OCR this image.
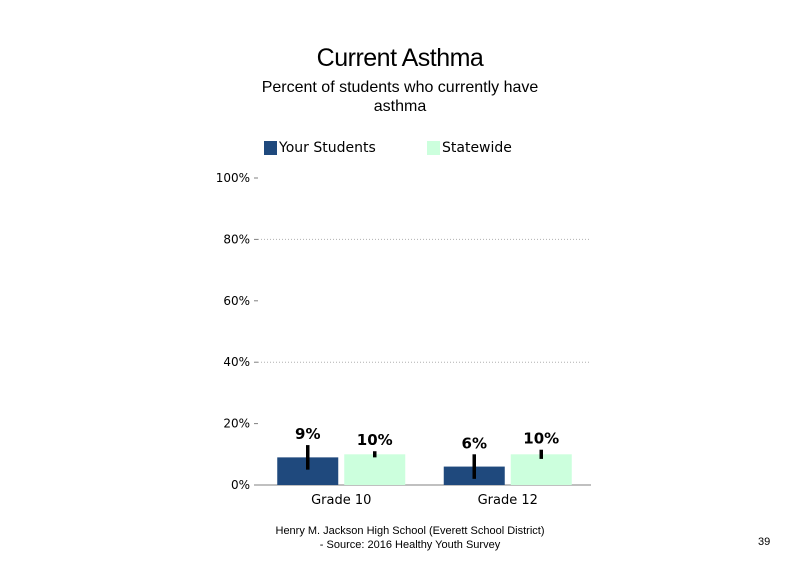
Current Asthma
Percent of students who currently have asthma
Your Students	Statewide
0%
20%
40%
60%
80%
100%
Grade 10
9% 10%
Grade 12
6% 10%
Henry M. Jackson High School (Everett School District)
- Source: 2016 Healthy Youth Survey	39
